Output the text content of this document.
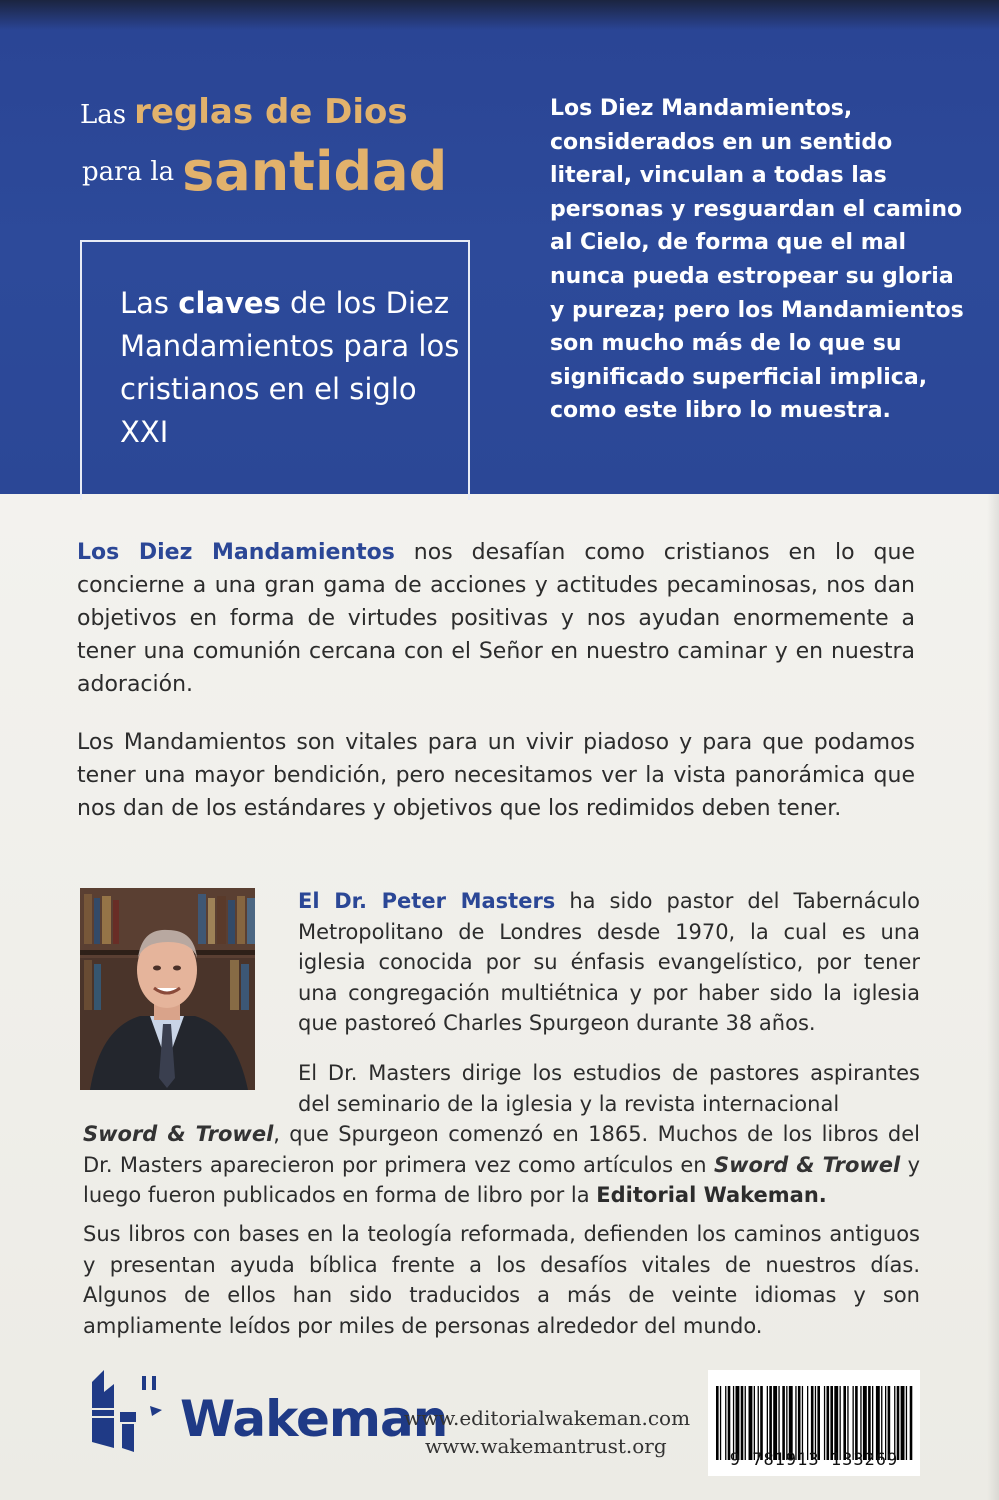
Las reglas de Dios
para la santidad
Las claves de los Diez Mandamientos para los cristianos en el siglo XXI
Los Diez Mandamientos, considerados en un sentido literal, vinculan a todas las personas y resguardan el camino al Cielo, de forma que el mal nunca pueda estropear su gloria y pureza; pero los Mandamientos son mucho más de lo que su significado superficial implica, como este libro lo muestra.
Los Diez Mandamientos nos desafían como cristianos en lo que concierne a una gran gama de acciones y actitudes pecaminosas, nos dan objetivos en forma de virtudes positivas y nos ayudan enormemente a tener una comunión cercana con el Señor en nuestro caminar y en nuestra adoración.
Los Mandamientos son vitales para un vivir piadoso y para que podamos tener una mayor bendición, pero necesitamos ver la vista panorámica que nos dan de los estándares y objetivos que los redimidos deben tener.
El Dr. Peter Masters ha sido pastor del Tabernáculo Metropolitano de Londres desde 1970, la cual es una iglesia conocida por su énfasis evangelístico, por tener una congregación multiétnica y por haber sido la iglesia que pastoreó Charles Spurgeon durante 38 años.
El Dr. Masters dirige los estudios de pastores aspirantes del seminario de la iglesia y la revista internacional
Sword & Trowel, que Spurgeon comenzó en 1865. Muchos de los libros del Dr. Masters aparecieron por primera vez como artículos en Sword & Trowel y luego fueron publicados en forma de libro por la Editorial Wakeman.
Sus libros con bases en la teología reformada, defienden los caminos antiguos y presentan ayuda bíblica frente a los desafíos vitales de nuestros días. Algunos de ellos han sido traducidos a más de veinte idiomas y son ampliamente leídos por miles de personas alrededor del mundo.
Wakeman
www.editorialwakeman.com
www.wakemantrust.org
9 781913 133269
